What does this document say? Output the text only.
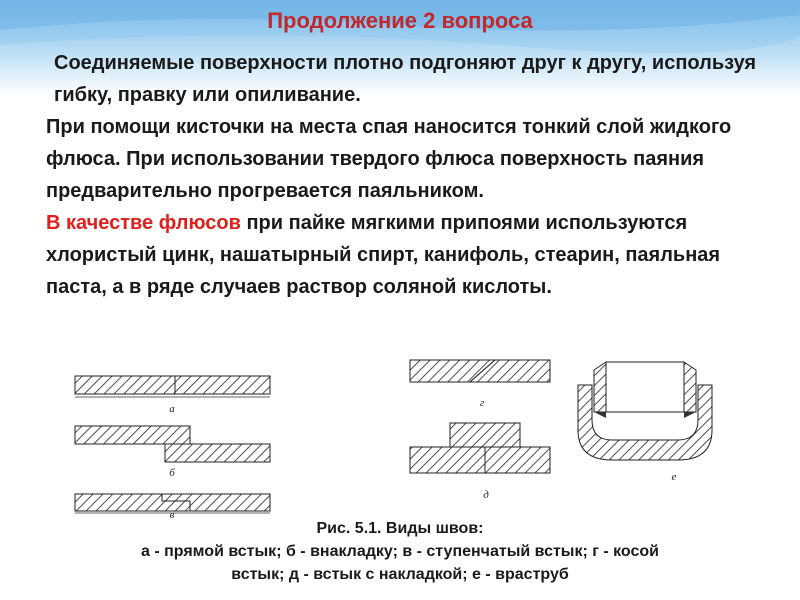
Продолжение 2 вопроса

Соединяемые поверхности плотно подгоняют друг к другу, используя гибку, правку или опиливание.

При помощи кисточки на места спая наносится тонкий слой жидкого флюса. При использовании твердого флюса поверхность паяния предварительно прогревается паяльником.

В качестве флюсов при пайке мягкими припоями используются хлористый цинк, нашатырный спирт, канифоль, стеарин, паяльная паста, а в ряде случаев раствор соляной кислоты.

а
б
в
г
д
е

Рис. 5.1. Виды швов:

а - прямой встык; б - внакладку; в - ступенчатый встык; г - косой

встык; д - встык с накладкой; е - враструб
